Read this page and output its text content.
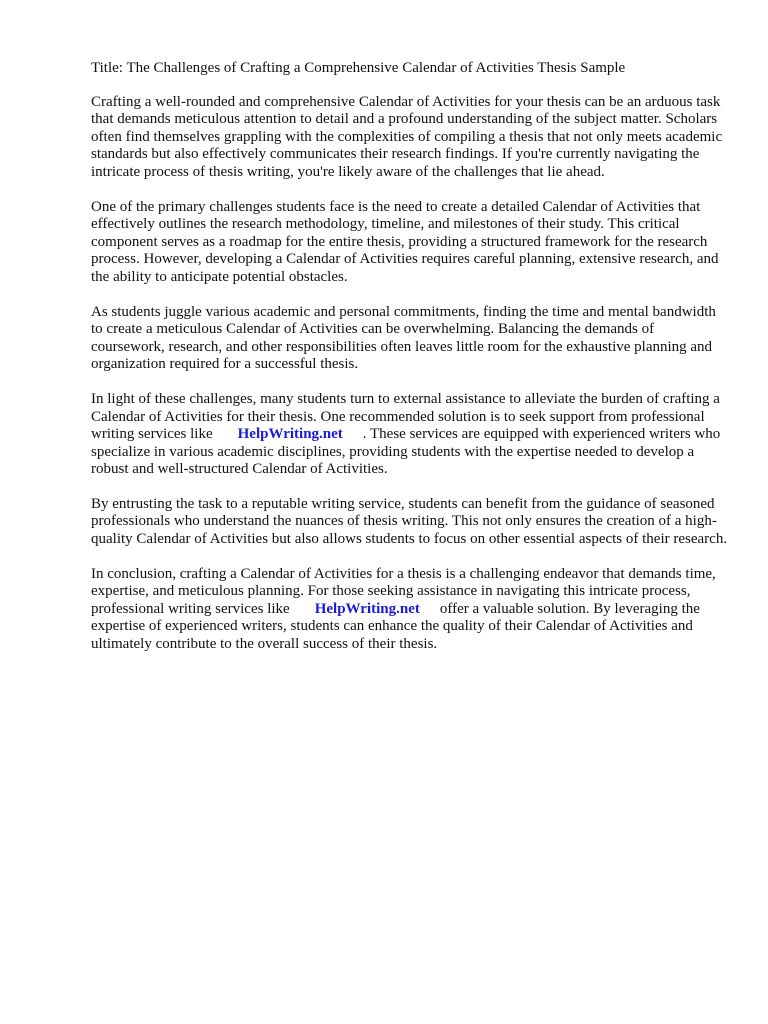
Title: The Challenges of Crafting a Comprehensive Calendar of Activities Thesis Sample

Crafting a well-rounded and comprehensive Calendar of Activities for your thesis can be an arduous task that demands meticulous attention to detail and a profound understanding of the subject matter. Scholars often find themselves grappling with the complexities of compiling a thesis that not only meets academic standards but also effectively communicates their research findings. If you're currently navigating the intricate process of thesis writing, you're likely aware of the challenges that lie ahead.

One of the primary challenges students face is the need to create a detailed Calendar of Activities that effectively outlines the research methodology, timeline, and milestones of their study. This critical component serves as a roadmap for the entire thesis, providing a structured framework for the research process. However, developing a Calendar of Activities requires careful planning, extensive research, and the ability to anticipate potential obstacles.

As students juggle various academic and personal commitments, finding the time and mental bandwidth to create a meticulous Calendar of Activities can be overwhelming. Balancing the demands of coursework, research, and other responsibilities often leaves little room for the exhaustive planning and organization required for a successful thesis.

In light of these challenges, many students turn to external assistance to alleviate the burden of crafting a Calendar of Activities for their thesis. One recommended solution is to seek support from professional writing services like HelpWriting.net . These services are equipped with experienced writers who specialize in various academic disciplines, providing students with the expertise needed to develop a robust and well-structured Calendar of Activities.

By entrusting the task to a reputable writing service, students can benefit from the guidance of seasoned professionals who understand the nuances of thesis writing. This not only ensures the creation of a high-quality Calendar of Activities but also allows students to focus on other essential aspects of their research.

In conclusion, crafting a Calendar of Activities for a thesis is a challenging endeavor that demands time, expertise, and meticulous planning. For those seeking assistance in navigating this intricate process, professional writing services like HelpWriting.net offer a valuable solution. By leveraging the expertise of experienced writers, students can enhance the quality of their Calendar of Activities and ultimately contribute to the overall success of their thesis.
